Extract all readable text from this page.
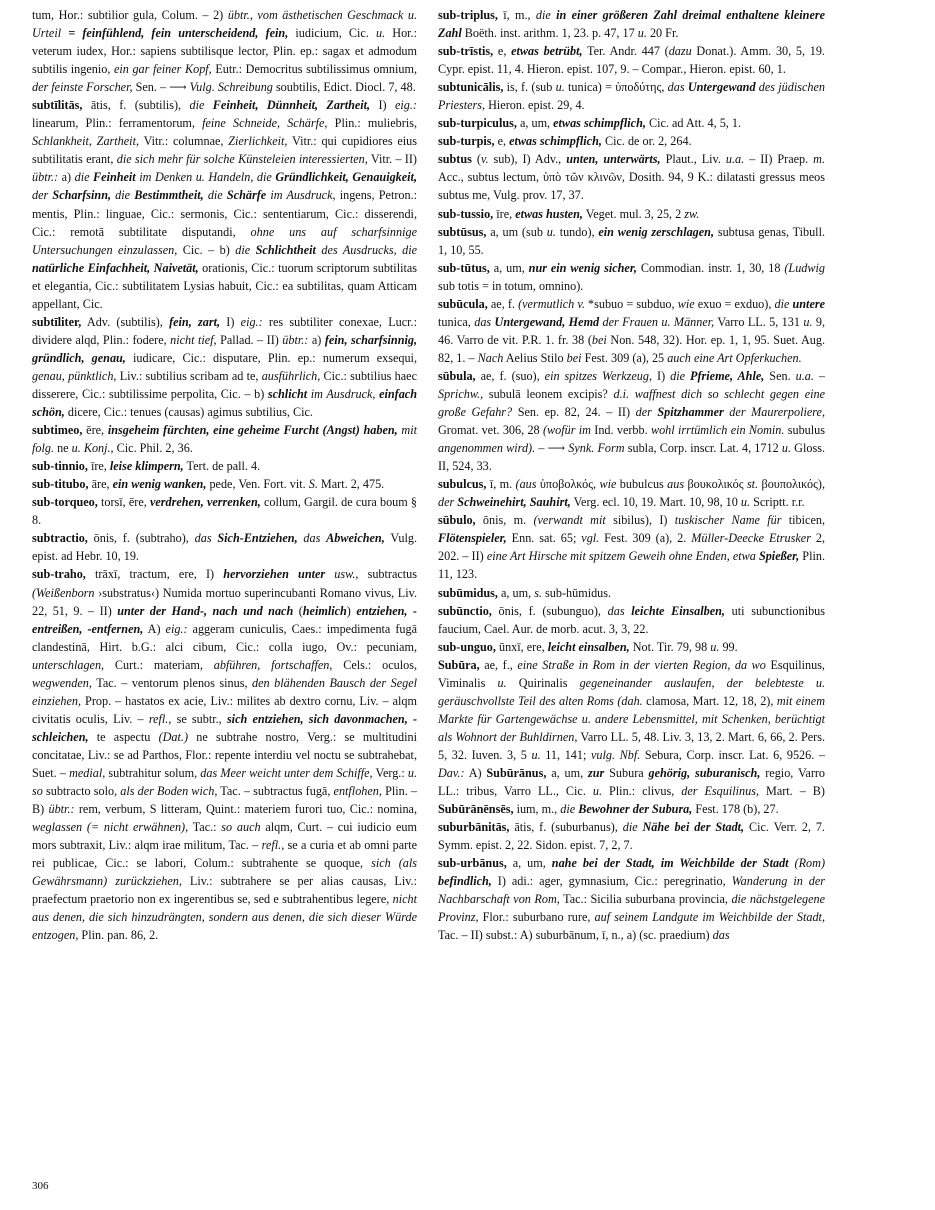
tum, Hor.: subtilior gula, Colum. – 2) übtr., vom ästhetischen Geschmack u. Urteil = feinfühlend, fein unterscheidend, fein, iudicium, Cic. u. Hor.: veterum iudex, Hor.: sapiens subtilisque lector, Plin. ep.: sagax et admodum subtilis ingenio, ein gar feiner Kopf, Eutr.: Democritus subtilissimus omnium, der feinste Forscher, Sen. – ⟶ Vulg. Schreibung soubtilis, Edict. Diocl. 7, 48.

subtīlitās, ātis, f. (subtilis), die Feinheit, Dünnheit, Zartheit, I) eig.: linearum, Plin.: ferramentorum, feine Schneide, Schärfe, Plin.: muliebris, Schlankheit, Zartheit, Vitr.: columnae, Zierlichkeit, Vitr.: qui cupidiores eius subtilitatis erant, die sich mehr für solche Künsteleien interessierten, Vitr. – II) übtr.: a) die Feinheit im Denken u. Handeln, die Gründlichkeit, Genauigkeit, der Scharfsinn, die Bestimmtheit, die Schärfe im Ausdruck, ingens, Petron.: mentis, Plin.: linguae, Cic.: sermonis, Cic.: sententiarum, Cic.: disserendi, Cic.: remotā subtilitate disputandi, ohne uns auf scharfsinnige Untersuchungen einzulassen, Cic. – b) die Schlichtheit des Ausdrucks, die natürliche Einfachheit, Naivetät, orationis, Cic.: tuorum scriptorum subtilitas et elegantia, Cic.: subtilitatem Lysias habuit, Cic.: ea subtilitas, quam Atticam appellant, Cic.

subtīliter, Adv. (subtilis), fein, zart, I) eig.: res subtiliter conexae, Lucr.: dividere alqd, Plin.: fodere, nicht tief, Pallad. – II) übtr.: a) fein, scharfsinnig, gründlich, genau, iudicare, Cic.: disputare, Plin. ep.: numerum exsequi, genau, pünktlich, Liv.: subtilius scribam ad te, ausführlich, Cic.: subtilius haec disserere, Cic.: subtilissime perpolita, Cic. – b) schlicht im Ausdruck, einfach schön, dicere, Cic.: tenues (causas) agimus subtilius, Cic.

subtimeo, ēre, insgeheim fürchten, eine geheime Furcht (Angst) haben, mit folg. ne u. Konj., Cic. Phil. 2, 36.

sub-tinnio, īre, leise klimpern, Tert. de pall. 4.

sub-titubo, āre, ein wenig wanken, pede, Ven. Fort. vit. S. Mart. 2, 475.

sub-torqueo, torsī, ēre, verdrehen, verrenken, collum, Gargil. de cura boum § 8.

subtractio, ōnis, f. (subtraho), das Sich-Entziehen, das Abweichen, Vulg. epist. ad Hebr. 10, 19.

sub-traho, trāxī, tractum, ere, I) hervorziehen unter usw., subtractus (Weißenborn ›substratus‹) Numida mortuo superincubanti Romano vivus, Liv. 22, 51, 9. – II) unter der Hand-, nach und nach (heimlich) entziehen, -entreißen, -entfernen, A) eig.: aggeram cuniculis, Caes.: impedimenta fugā clandestinā, Hirt. b.G.: alci cibum, Cic.: colla iugo, Ov.: pecuniam, unterschlagen, Curt.: materiam, abführen, fortschaffen, Cels.: oculos, wegwenden, Tac. – ventorum plenos sinus, den blähenden Bausch der Segel einziehen, Prop. – hastatos ex acie, Liv.: milites ab dextro cornu, Liv. – alqm civitatis oculis, Liv. – refl., se subtr., sich entziehen, sich davonmachen, -schleichen, te aspectu (Dat.) ne subtrahe nostro, Verg.: se multitudini concitatae, Liv.: se ad Parthos, Flor.: repente interdiu vel noctu se subtrahebat, Suet. – medial, subtrahitur solum, das Meer weicht unter dem Schiffe, Verg.: u. so subtracto solo, als der Boden wich, Tac. – subtractus fugā, entflohen, Plin. – B) übtr.: rem, verbum, S litteram, Quint.: materiem furori tuo, Cic.: nomina, weglassen (= nicht erwähnen), Tac.: so auch alqm, Curt. – cui iudicio eum mors subtraxit, Liv.: alqm irae militum, Tac. – refl., se a curia et ab omni parte rei publicae, Cic.: se labori, Colum.: subtrahente se quoque, sich (als Gewährsmann) zurückziehen, Liv.: subtrahere se per alias causas, Liv.: praefectum praetorio non ex ingerentibus se, sed e subtrahentibus legere, nicht aus denen, die sich hinzudrängten, sondern aus denen, die sich dieser Würde entzogen, Plin. pan. 86, 2.

sub-triplus, ī, m., die in einer größeren Zahl dreimal enthaltene kleinere Zahl Boëth. inst. arithm. 1, 23. p. 47, 17 u. 20 Fr.

sub-trīstis, e, etwas betrübt, Ter. Andr. 447 (dazu Donat.). Amm. 30, 5, 19. Cypr. epist. 11, 4. Hieron. epist. 107, 9. – Compar., Hieron. epist. 60, 1.

subtunicālis, is, f. (sub u. tunica) = ὑποδύτης, das Untergewand des jüdischen Priesters, Hieron. epist. 29, 4.

sub-turpiculus, a, um, etwas schimpflich, Cic. ad Att. 4, 5, 1.

sub-turpis, e, etwas schimpflich, Cic. de or. 2, 264.

subtus (v. sub), I) Adv., unten, unterwärts, Plaut., Liv. u.a. – II) Praep. m. Acc., subtus lectum, ὑπὸ τῶν κλινῶν, Dosith. 94, 9 K.: dilatasti gressus meos subtus me, Vulg. prov. 17, 37.

sub-tussio, īre, etwas husten, Veget. mul. 3, 25, 2 zw.

subtūsus, a, um (sub u. tundo), ein wenig zerschlagen, subtusa genas, Tibull. 1, 10, 55.

sub-tūtus, a, um, nur ein wenig sicher, Commodian. instr. 1, 30, 18 (Ludwig sub totis = in totum, omnino).

subūcula, ae, f. (vermutlich v. *subuo = subduo, wie exuo = exduo), die untere tunica, das Untergewand, Hemd der Frauen u. Männer, Varro LL. 5, 131 u. 9, 46. Varro de vit. P.R. 1. fr. 38 (bei Non. 548, 32). Hor. ep. 1, 1, 95. Suet. Aug. 82, 1. – Nach Aelius Stilo bei Fest. 309 (a), 25 auch eine Art Opferkuchen.

sūbula, ae, f. (suo), ein spitzes Werkzeug, I) die Pfrieme, Ahle, Sen. u.a. – Sprichw., subulā leonem excipis? d.i. waffnest dich so schlecht gegen eine große Gefahr? Sen. ep. 82, 24. – II) der Spitzhammer der Maurerpoliere, Gromat. vet. 306, 28 (wofür im Ind. verbb. wohl irrtümlich ein Nomin. subulus angenommen wird). – ⟶ Synk. Form subla, Corp. inscr. Lat. 4, 1712 u. Gloss. II, 524, 33.

subulcus, ī, m. (aus ὑποβολκός, wie bubulcus aus βουκολικός st. βουπολικός), der Schweinehirt, Sauhirt, Verg. ecl. 10, 19. Mart. 10, 98, 10 u. Scriptt. r.r.

sūbulo, ōnis, m. (verwandt mit sibilus), I) tuskischer Name für tibicen, Flötenspieler, Enn. sat. 65; vgl. Fest. 309 (a), 2. Müller-Deecke Etrusker 2, 202. – II) eine Art Hirsche mit spitzem Geweih ohne Enden, etwa Spießer, Plin. 11, 123.

subūmidus, a, um, s. sub-hūmidus.

subūnctio, ōnis, f. (subunguo), das leichte Einsalben, uti subunctionibus faucium, Cael. Aur. de morb. acut. 3, 3, 22.

sub-unguo, ūnxī, ere, leicht einsalben, Not. Tir. 79, 98 u. 99.

Subūra, ae, f., eine Straße in Rom in der vierten Region, da wo Esquilinus, Viminalis u. Quirinalis gegeneinander auslaufen, der belebteste u. geräuschvollste Teil des alten Roms (dah. clamosa, Mart. 12, 18, 2), mit einem Markte für Gartengewächse u. andere Lebensmittel, mit Schenken, berüchtigt als Wohnort der Buhldirnen, Varro LL. 5, 48. Liv. 3, 13, 2. Mart. 6, 66, 2. Pers. 5, 32. Iuven. 3, 5 u. 11, 141; vulg. Nbf. Sebura, Corp. inscr. Lat. 6, 9526. – Dav.: A) Subūrānus, a, um, zur Subura gehörig, suburanisch, regio, Varro LL.: tribus, Varro LL., Cic. u. Plin.: clivus, der Esquilinus, Mart. – B) Subūrānēnsēs, ium, m., die Bewohner der Subura, Fest. 178 (b), 27.

suburbānitās, ātis, f. (suburbanus), die Nähe bei der Stadt, Cic. Verr. 2, 7. Symm. epist. 2, 22. Sidon. epist. 7, 2, 7.

sub-urbānus, a, um, nahe bei der Stadt, im Weichbilde der Stadt (Rom) befindlich, I) adi.: ager, gymnasium, Cic.: peregrinatio, Wanderung in der Nachbarschaft von Rom, Tac.: Sicilia suburbana provincia, die nächstgelegene Provinz, Flor.: suburbano rure, auf seinem Landgute im Weichbilde der Stadt, Tac. – II) subst.: A) suburbānum, ī, n., a) (sc. praedium) das

306
